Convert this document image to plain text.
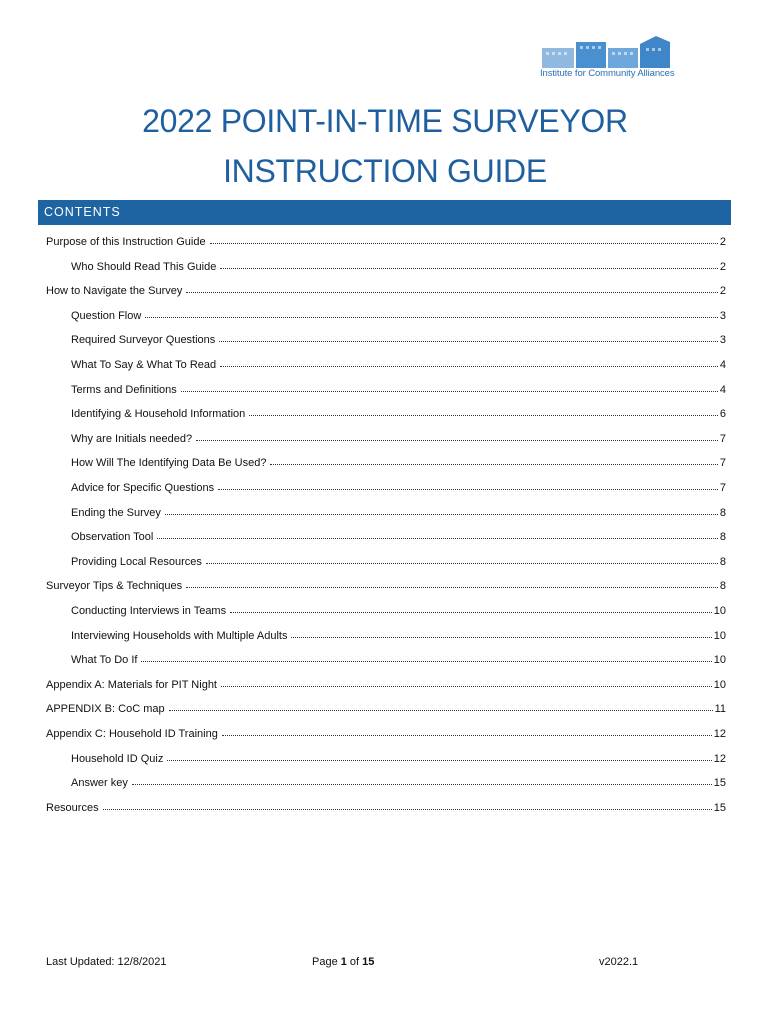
Institute for Community Alliances
2022 POINT-IN-TIME SURVEYOR INSTRUCTION GUIDE
CONTENTS
Purpose of this Instruction Guide	2
Who Should Read This Guide	2
How to Navigate the Survey	2
Question Flow	3
Required Surveyor Questions	3
What To Say & What To Read	4
Terms and Definitions	4
Identifying & Household Information	6
Why are Initials needed?	7
How Will The Identifying Data Be Used?	7
Advice for Specific Questions	7
Ending the Survey	8
Observation Tool	8
Providing Local Resources	8
Surveyor Tips & Techniques	8
Conducting Interviews in Teams	10
Interviewing Households with Multiple Adults	10
What To Do If	10
Appendix A: Materials for PIT Night	10
APPENDIX B: CoC map	11
Appendix C: Household ID Training	12
Household ID Quiz	12
Answer key	15
Resources	15
Last Updated: 12/8/2021	Page 1 of 15	v2022.1
